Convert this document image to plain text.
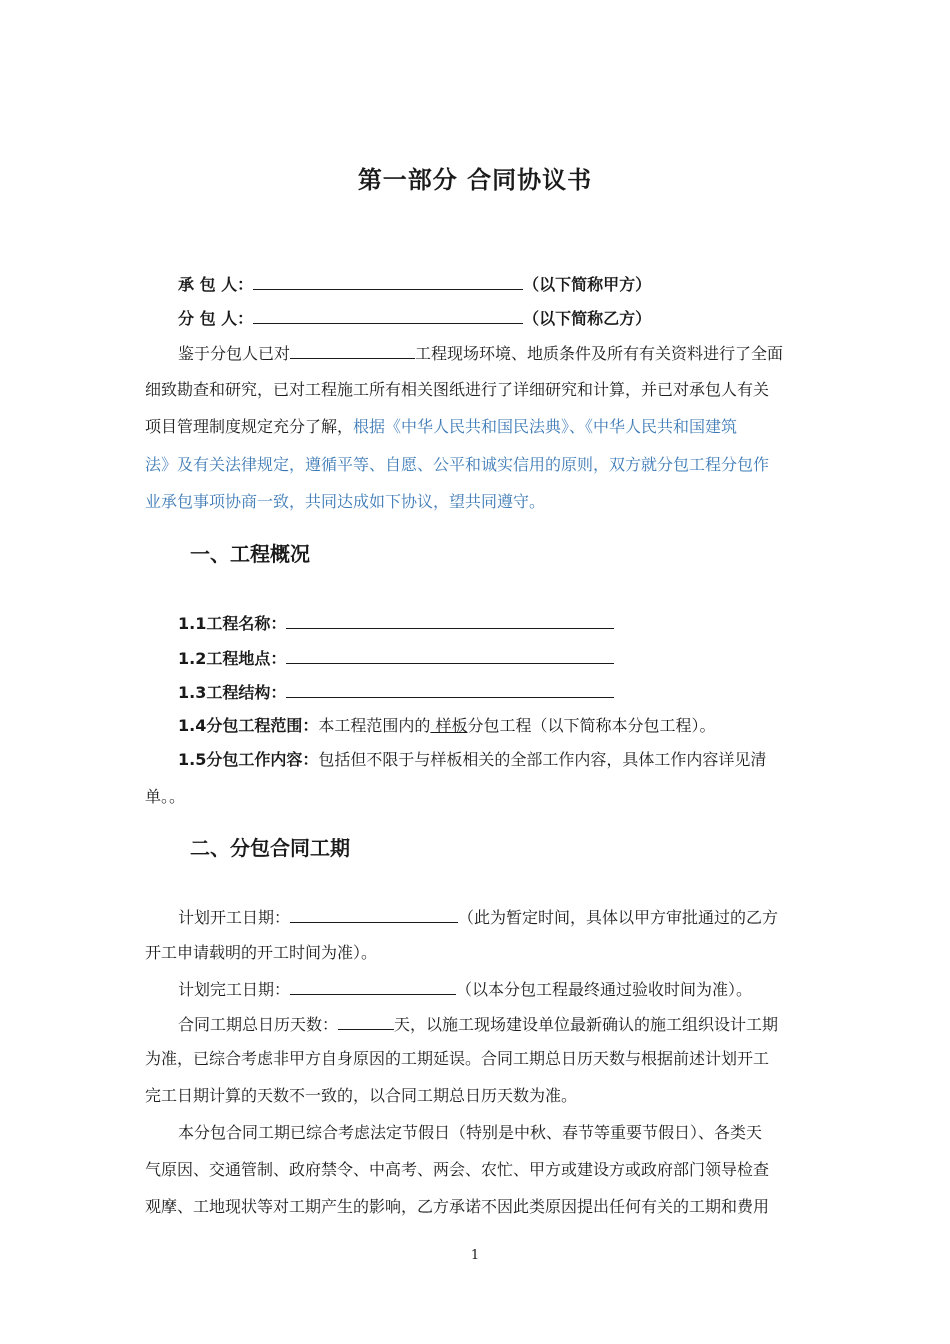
第一部分 合同协议书
承 包 人：	（以下简称甲方）
分 包 人：	（以下简称乙方）
鉴于分包人已对	工程现场环境、地质条件及所有有关资料进行了全面
细致勘查和研究，已对工程施工所有相关图纸进行了详细研究和计算，并已对承包人有关
项目管理制度规定充分了解，根据《中华人民共和国民法典》、《中华人民共和国建筑
法》及有关法律规定，遵循平等、自愿、公平和诚实信用的原则，双方就分包工程分包作
业承包事项协商一致，共同达成如下协议，望共同遵守。
一、工程概况
1.1工程名称：
1.2工程地点：
1.3工程结构：
1.4分包工程范围：本工程范围内的 样板分包工程（以下简称本分包工程）。
1.5分包工作内容：包括但不限于与样板相关的全部工作内容，具体工作内容详见清
单。。
二、分包合同工期
计划开工日期：	（此为暂定时间，具体以甲方审批通过的乙方
开工申请载明的开工时间为准）。
计划完工日期：	（以本分包工程最终通过验收时间为准）。
合同工期总日历天数：	天，以施工现场建设单位最新确认的施工组织设计工期
为准，已综合考虑非甲方自身原因的工期延误。合同工期总日历天数与根据前述计划开工
完工日期计算的天数不一致的，以合同工期总日历天数为准。
本分包合同工期已综合考虑法定节假日（特别是中秋、春节等重要节假日）、各类天
气原因、交通管制、政府禁令、中高考、两会、农忙、甲方或建设方或政府部门领导检查
观摩、工地现状等对工期产生的影响，乙方承诺不因此类原因提出任何有关的工期和费用
1
